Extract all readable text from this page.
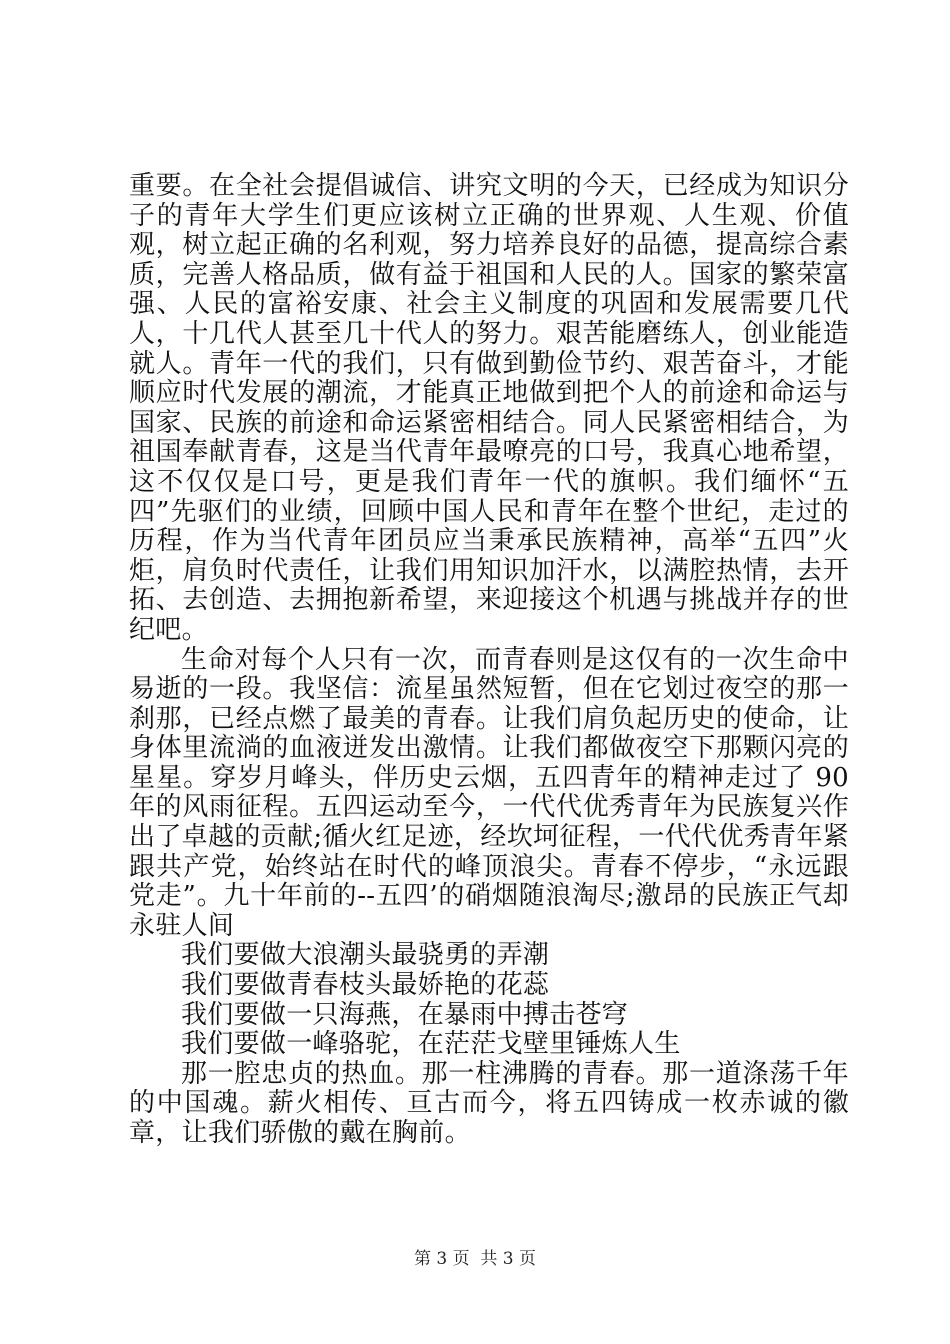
重要。在全社会提倡诚信、讲究文明的今天，已经成为知识分子的青年大学生们更应该树立正确的世界观、人生观、价值观，树立起正确的名利观，努力培养良好的品德，提高综合素质，完善人格品质，做有益于祖国和人民的人。国家的繁荣富强、人民的富裕安康、社会主义制度的巩固和发展需要几代人，十几代人甚至几十代人的努力。艰苦能磨练人，创业能造就人。青年一代的我们，只有做到勤俭节约、艰苦奋斗，才能顺应时代发展的潮流，才能真正地做到把个人的前途和命运与国家、民族的前途和命运紧密相结合。同人民紧密相结合，为祖国奉献青春，这是当代青年最嘹亮的口号，我真心地希望，这不仅仅是口号，更是我们青年一代的旗帜。我们缅怀“五四”先驱们的业绩，回顾中国人民和青年在整个世纪，走过的历程，作为当代青年团员应当秉承民族精神，高举“五四”火炬，肩负时代责任，让我们用知识加汗水，以满腔热情，去开拓、去创造、去拥抱新希望，来迎接这个机遇与挑战并存的世纪吧。

生命对每个人只有一次，而青春则是这仅有的一次生命中易逝的一段。我坚信：流星虽然短暂，但在它划过夜空的那一刹那，已经点燃了最美的青春。让我们肩负起历史的使命，让身体里流淌的血液迸发出激情。让我们都做夜空下那颗闪亮的星星。穿岁月峰头，伴历史云烟，五四青年的精神走过了 90 年的风雨征程。五四运动至今，一代代优秀青年为民族复兴作出了卓越的贡献;循火红足迹，经坎坷征程，一代代优秀青年紧跟共产党，始终站在时代的峰顶浪尖。青春不停步，“永远跟党走”。九十年前的--五四’的硝烟随浪淘尽;激昂的民族正气却永驻人间

我们要做大浪潮头最骁勇的弄潮

我们要做青春枝头最娇艳的花蕊

我们要做一只海燕，在暴雨中搏击苍穹

我们要做一峰骆驼，在茫茫戈壁里锤炼人生

那一腔忠贞的热血。那一柱沸腾的青春。那一道涤荡千年的中国魂。薪火相传、亘古而今，将五四铸成一枚赤诚的徽章，让我们骄傲的戴在胸前。

第 3 页  共 3 页
